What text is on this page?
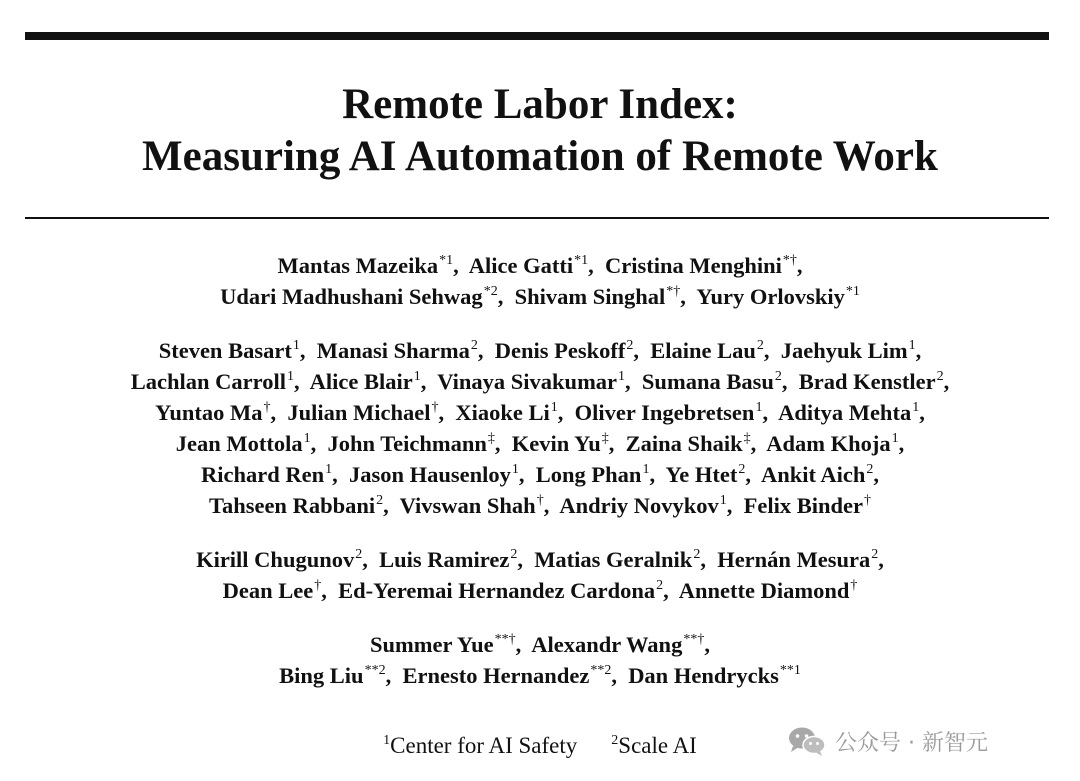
Remote Labor Index:
Measuring AI Automation of Remote Work
Mantas Mazeika$^{*1}$,  Alice Gatti$^{*1}$,  Cristina Menghini*†,
Udari Madhushani Sehwag$^{*2}$,  Shivam Singhal*†,  Yury Orlovskiy$^{*1}$
Steven Basart$^1$,  Manasi Sharma$^2$,  Denis Peskoff$^2$,  Elaine Lau$^2$,  Jaehyuk Lim$^1$,
Lachlan Carroll$^1$,  Alice Blair$^1$,  Vinaya Sivakumar$^1$,  Sumana Basu$^2$,  Brad Kenstler$^2$,
Yuntao Ma†,  Julian Michael†,  Xiaoke Li$^1$,  Oliver Ingebretsen$^1$,  Aditya Mehta$^1$,
Jean Mottola$^1$,  John Teichmann‡,  Kevin Yu‡,  Zaina Shaik‡,  Adam Khoja$^1$,
Richard Ren$^1$,  Jason Hausenloy$^1$,  Long Phan$^1$,  Ye Htet$^2$,  Ankit Aich$^2$,
Tahseen Rabbani$^2$,  Vivswan Shah†,  Andriy Novykov$^1$,  Felix Binder†
Kirill Chugunov$^2$,  Luis Ramirez$^2$,  Matias Geralnik$^2$,  Hernán Mesura$^2$,
Dean Lee†,  Ed-Yeremai Hernandez Cardona$^2$,  Annette Diamond†
Summer Yue**†,  Alexandr Wang**†,
Bing Liu$^{**2}$,  Ernesto Hernandez$^{**2}$,  Dan Hendrycks$^{**1}$
$^1$Center for AI Safety $^2$Scale AI	公众号 · 新智元
